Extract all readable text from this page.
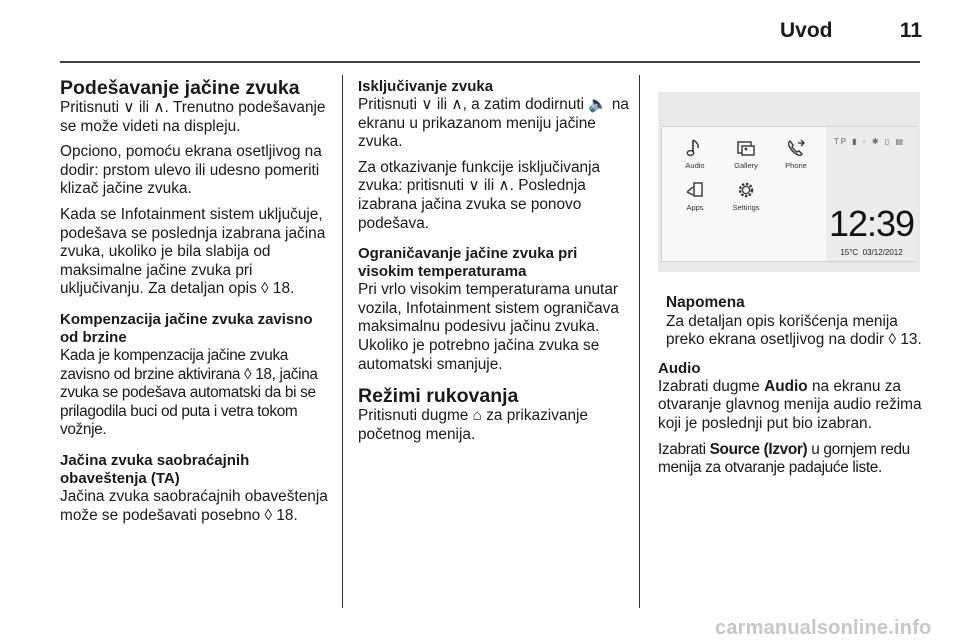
Uvod	11
Podešavanje jačine zvuka

Pritisnuti ∨ ili ∧. Trenutno podešavanje se može videti na displeju.

Opciono, pomoću ekrana osetljivog na dodir: prstom ulevo ili udesno pomeriti klizač jačine zvuka.

Kada se Infotainment sistem uključuje, podešava se poslednja izabrana jačina zvuka, ukoliko je bila slabija od maksimalne jačine zvuka pri uključivanju. Za detaljan opis ◊ 18.

Kompenzacija jačine zvuka zavisno od brzine

Kada je kompenzacija jačine zvuka zavisno od brzine aktivirana ◊ 18, jačina zvuka se podešava automatski da bi se prilagodila buci od puta i vetra tokom vožnje.

Jačina zvuka saobraćajnih obaveštenja (TA)

Jačina zvuka saobraćajnih obaveštenja može se podešavati posebno ◊ 18.

Isključivanje zvuka

Pritisnuti ∨ ili ∧, a zatim dodirnuti 🔈 na ekranu u prikazanom meniju jačine zvuka.

Za otkazivanje funkcije isključivanja zvuka: pritisnuti ∨ ili ∧. Poslednja izabrana jačina zvuka se ponovo podešava.

Ograničavanje jačine zvuka pri visokim temperaturama

Pri vrlo visokim temperaturama unutar vozila, Infotainment sistem ograničava maksimalnu podesivu jačinu zvuka. Ukoliko je potrebno jačina zvuka se automatski smanjuje.

Režimi rukovanja

Pritisnuti dugme ⌂ za prikazivanje početnog menija.

Audio	Gallery	Phone
Apps	Settings
TP ▮ ◦ ✱ ▯ ▤
12:39
15°C 03/12/2012
Napomena
Za detaljan opis korišćenja menija preko ekrana osetljivog na dodir ◊ 13.
Audio

Izabrati dugme Audio na ekranu za otvaranje glavnog menija audio režima koji je poslednji put bio izabran.

Izabrati Source (Izvor) u gornjem redu menija za otvaranje padajuće liste.

carmanualsonline.info
